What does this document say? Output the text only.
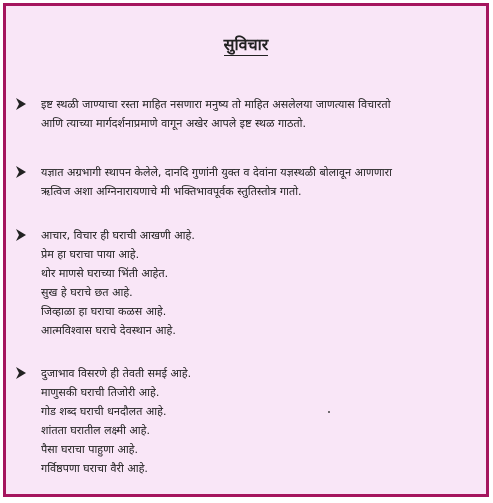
सुविचार
इष्ट स्थळी जाण्याचा रस्ता माहित नसणारा मनुष्य तो माहित असलेलया जाणत्यास विचारतो
आणि त्याच्या मार्गदर्शनाप्रमाणे वागून अखेर आपले इष्ट स्थळ गाठतो.
यज्ञात अग्रभागी स्थापन केलेले, दानदि गुणांनी युक्त व देवांना यज्ञस्थळी बोलावून आणणारा
ऋत्विज अशा अग्निनारायणाचे मी भक्तिभावपूर्वक स्तुतिस्तोत्र गातो.
आचार, विचार ही घराची आखणी आहे.
प्रेम हा घराचा पाया आहे.
थोर माणसे घराच्या भिंती आहेत.
सुख हे घराचे छत आहे.
जिव्हाळा हा घराचा कळस आहे.
आत्मविश्‍वास घराचे देवस्थान आहे.
दुजाभाव विसरणे ही तेवती समई आहे.
माणुसकी घराची तिजोरी आहे.
गोड शब्द घराची धनदौलत आहे.
शांतता घरातील लक्ष्मी आहे.
पैसा घराचा पाहुणा आहे.
गर्विष्ठपणा घराचा वैरी आहे.
